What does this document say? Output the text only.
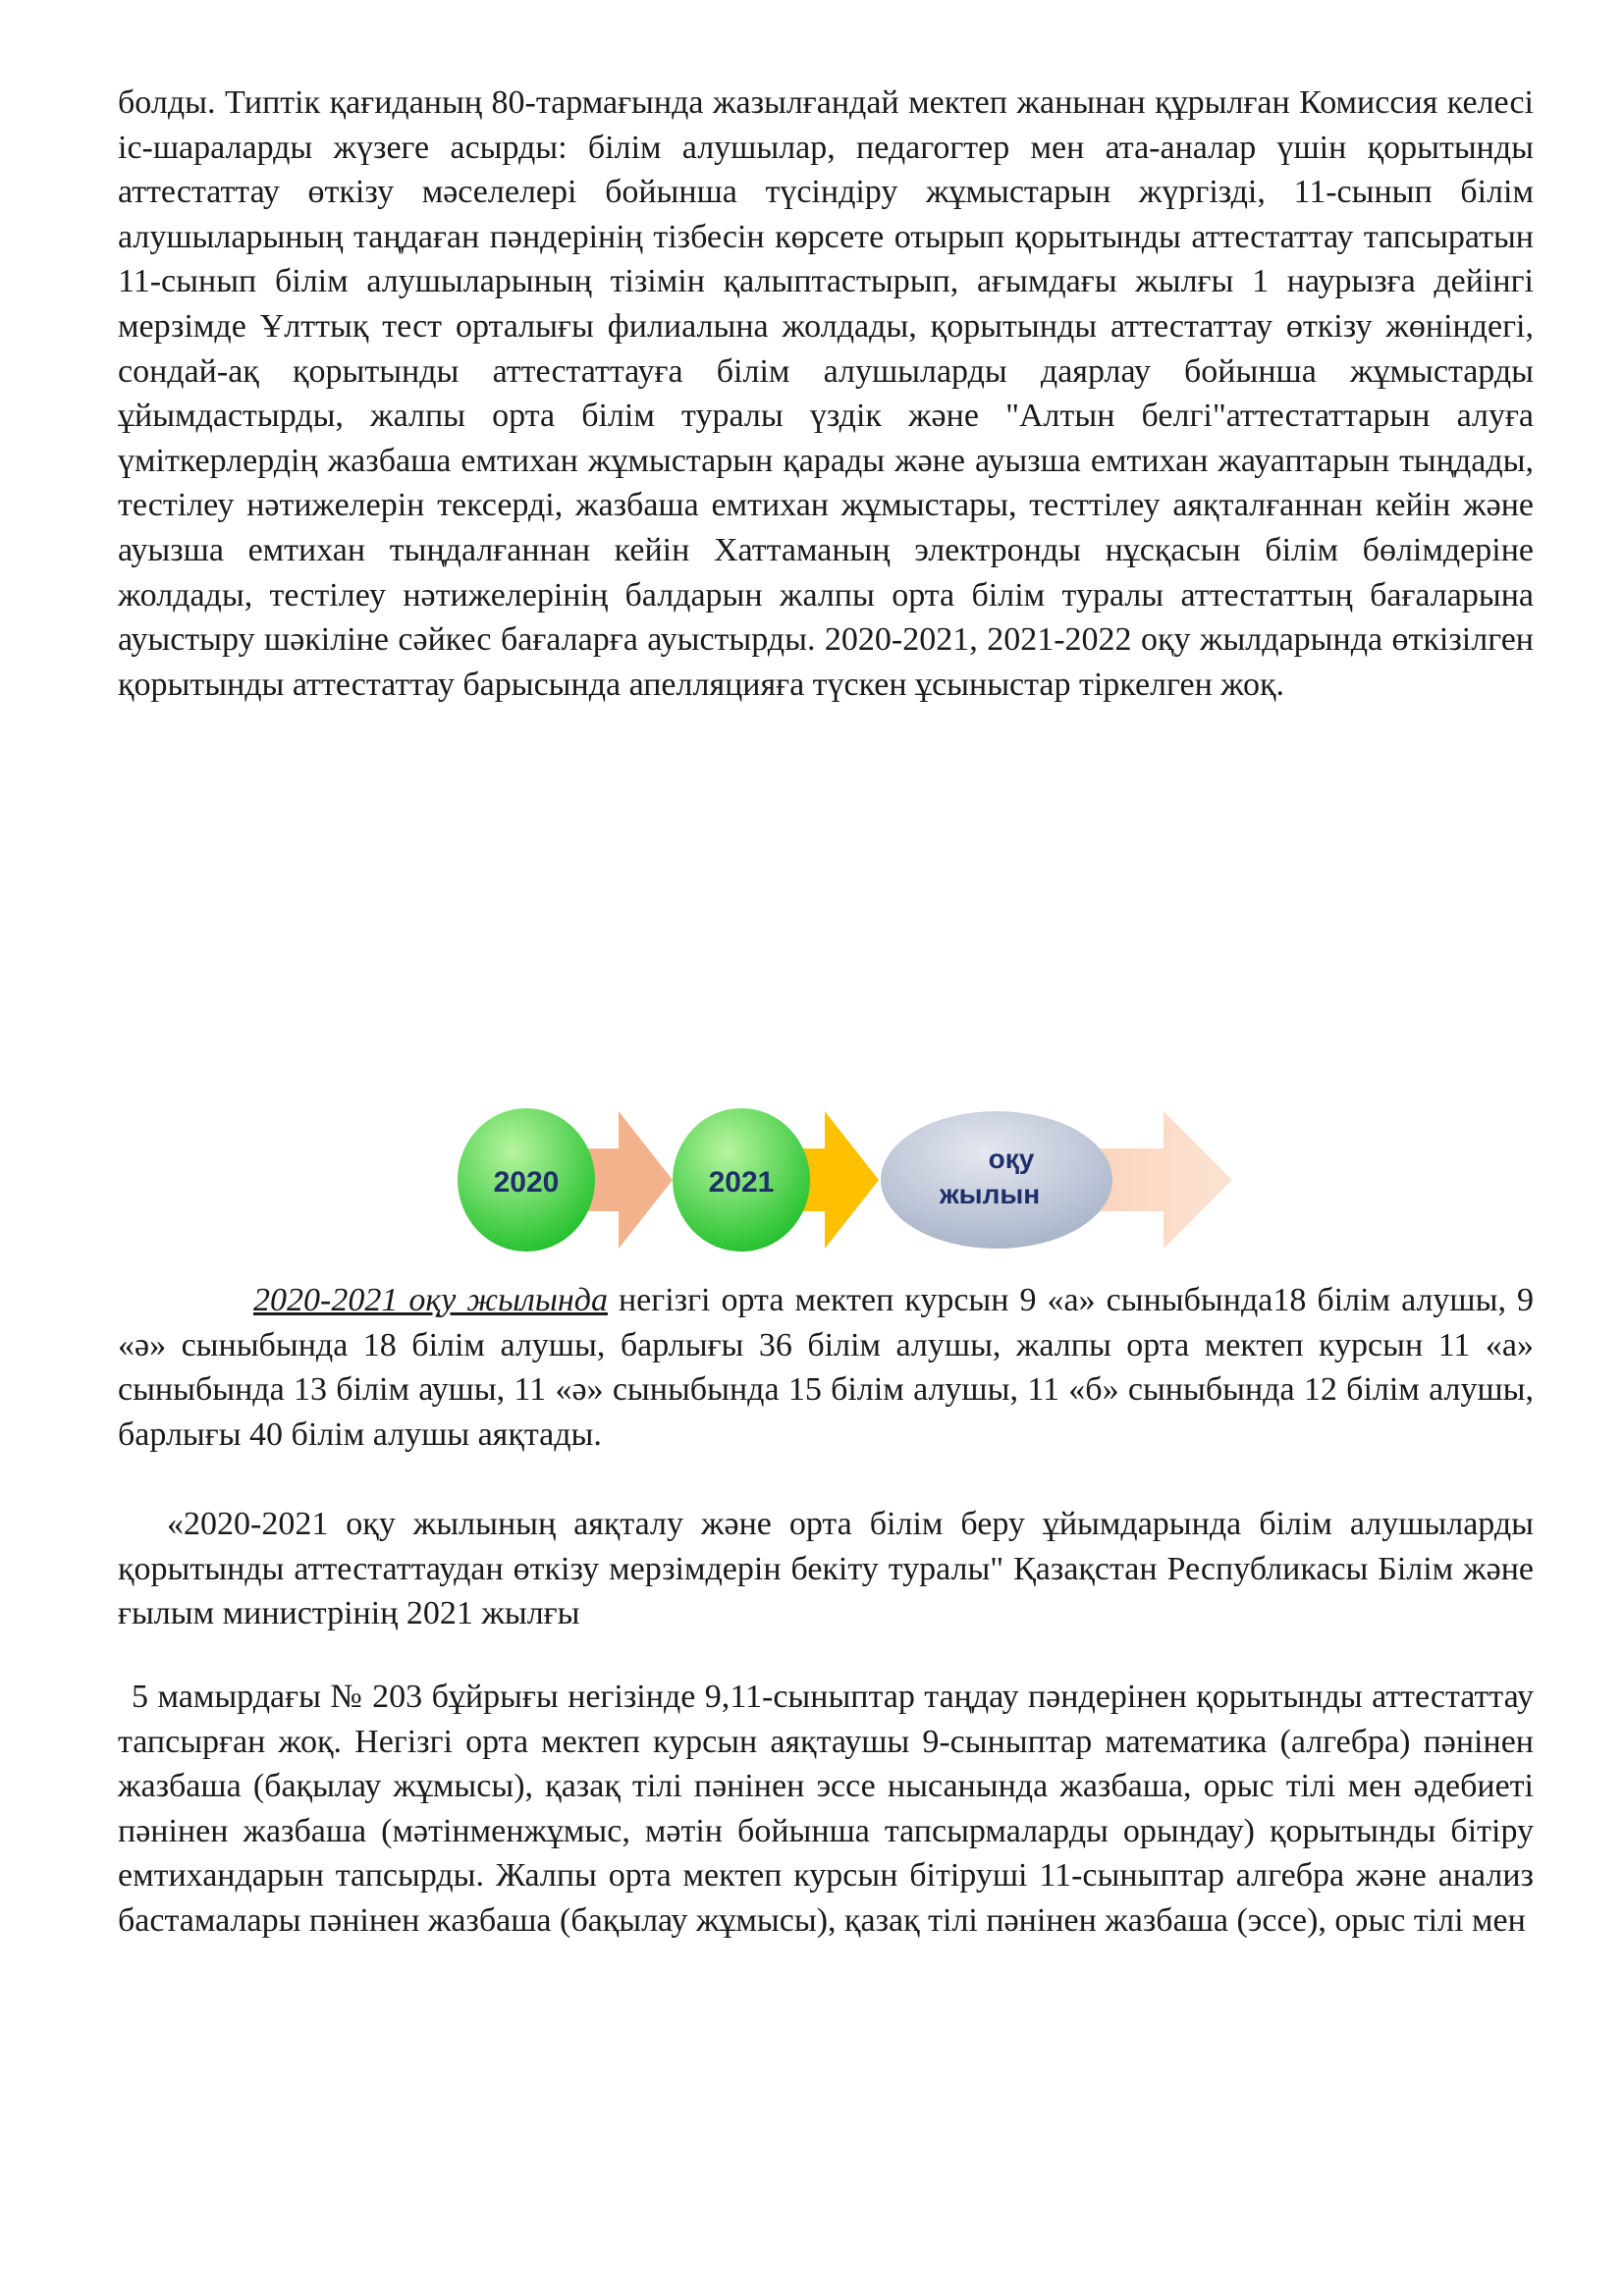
болды. Типтік қағиданың 80-тармағында жазылғандай мектеп жанынан құрылған Комиссия келесі іс-шараларды жүзеге асырды: білім алушылар, педагогтер мен ата-аналар үшін қорытынды аттестаттау өткізу мәселелері бойынша түсіндіру жұмыстарын жүргізді, 11-сынып білім алушыларының таңдаған пәндерінің тізбесін көрсете отырып қорытынды аттестаттау тапсыратын 11-сынып білім алушыларының тізімін қалыптастырып, ағымдағы жылғы 1 наурызға дейінгі мерзімде Ұлттық тест орталығы филиалына жолдады, қорытынды аттестаттау өткізу жөніндегі, сондай-ақ қорытынды аттестаттауға білім алушыларды даярлау бойынша жұмыстарды ұйымдастырды, жалпы орта білім туралы үздік және "Алтын белгі"аттестаттарын алуға үміткерлердің жазбаша емтихан жұмыстарын қарады және ауызша емтихан жауаптарын тыңдады, тестілеу нәтижелерін тексерді, жазбаша емтихан жұмыстары, тесттілеу аяқталғаннан кейін және ауызша емтихан тыңдалғаннан кейін Хаттаманың электронды нұсқасын білім бөлімдеріне жолдады, тестілеу нәтижелерінің балдарын жалпы орта білім туралы аттестаттың бағаларына ауыстыру шәкіліне сәйкес бағаларға ауыстырды. 2020-2021, 2021-2022 оқу жылдарында өткізілген қорытынды аттестаттау барысында апелляцияға түскен ұсыныстар тіркелген жоқ.

2020	2021
оқу
жылын

2020-2021 оқу жылында негізгі орта мектеп курсын 9 «а» сыныбында18 білім алушы, 9 «ә» сыныбында 18 білім алушы, барлығы 36 білім алушы, жалпы орта мектеп курсын 11 «а» сыныбында 13 білім аушы, 11 «ә» сыныбында 15 білім алушы, 11 «б» сыныбында 12 білім алушы, барлығы 40 білім алушы аяқтады.

«2020-2021 оқу жылының аяқталу және орта білім беру ұйымдарында білім алушыларды қорытынды аттестаттаудан өткізу мерзімдерін бекіту туралы" Қазақстан Республикасы Білім және ғылым министрінің 2021 жылғы

5 мамырдағы № 203 бұйрығы негізінде 9,11-сыныптар таңдау пәндерінен қорытынды аттестаттау тапсырған жоқ. Негізгі орта мектеп курсын аяқтаушы 9-сыныптар математика (алгебра) пәнінен жазбаша (бақылау жұмысы), қазақ тілі пәнінен эссе нысанында жазбаша, орыс тілі мен әдебиеті пәнінен жазбаша (мәтінменжұмыс, мәтін бойынша тапсырмаларды орындау) қорытынды бітіру емтихандарын тапсырды. Жалпы орта мектеп курсын бітіруші 11-сыныптар алгебра және анализ бастамалары пәнінен жазбаша (бақылау жұмысы), қазақ тілі пәнінен жазбаша (эссе), орыс тілі мен
